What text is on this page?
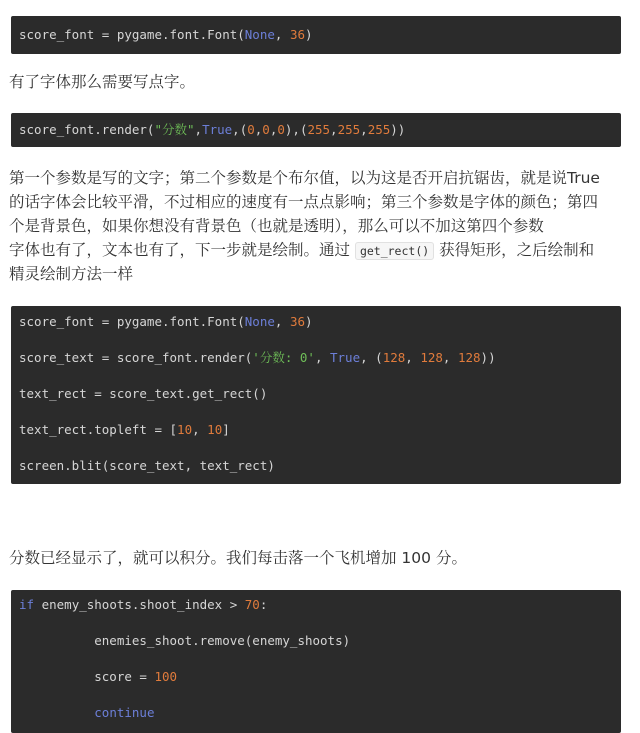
score_font = pygame.font.Font(None, 36)

有了字体那么需要写点字。

score_font.render("分数",True,(0,0,0),(255,255,255))

第一个参数是写的文字；第二个参数是个布尔值，以为这是否开启抗锯齿，就是说True
的话字体会比较平滑，不过相应的速度有一点点影响；第三个参数是字体的颜色；第四
个是背景色，如果你想没有背景色（也就是透明），那么可以不加这第四个参数
字体也有了，文本也有了，下一步就是绘制。通过 get_rect() 获得矩形，之后绘制和
精灵绘制方法一样

score_font = pygame.font.Font(None, 36)

score_text = score_font.render('分数: 0', True, (128, 128, 128))

text_rect = score_text.get_rect()

text_rect.topleft = [10, 10]

screen.blit(score_text, text_rect)

分数已经显示了，就可以积分。我们每击落一个飞机增加 100 分。

if enemy_shoots.shoot_index > 70:

enemies_shoot.remove(enemy_shoots)

score = 100

continue
